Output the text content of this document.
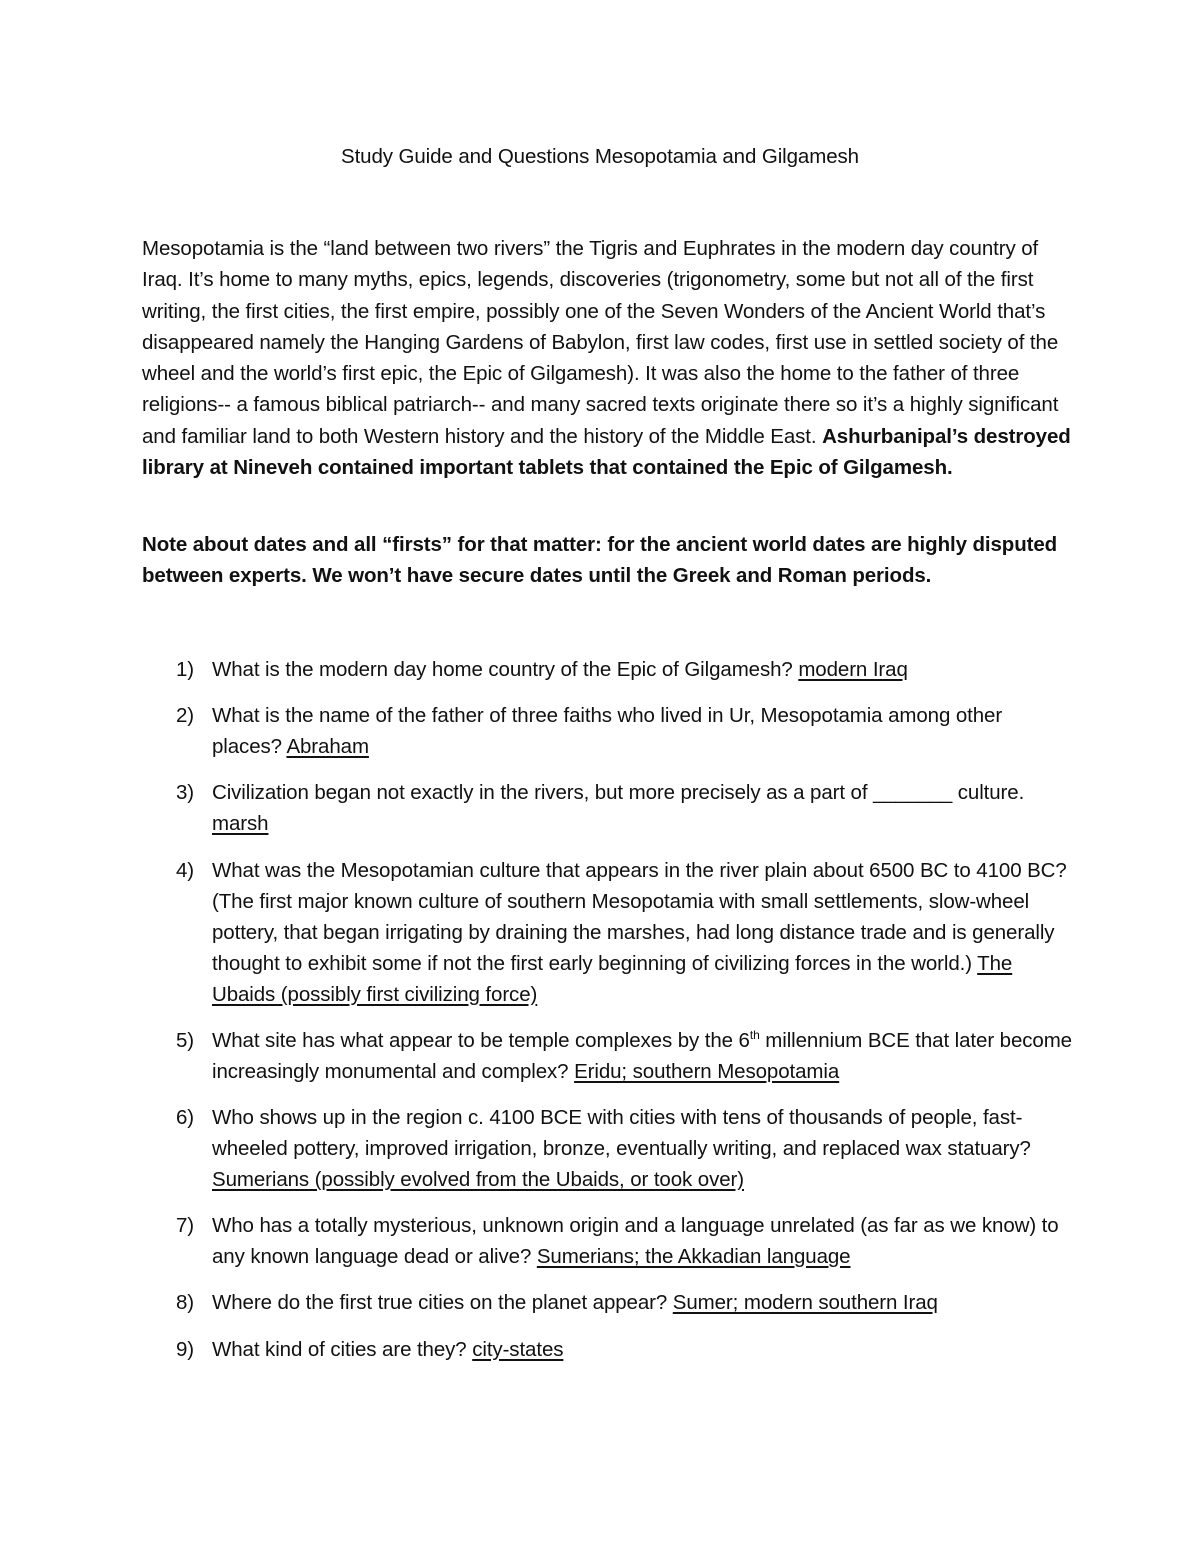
Study Guide and Questions Mesopotamia and Gilgamesh

Mesopotamia is the “land between two rivers” the Tigris and Euphrates in the modern day country of Iraq. It’s home to many myths, epics, legends, discoveries (trigonometry, some but not all of the first writing, the first cities, the first empire, possibly one of the Seven Wonders of the Ancient World that’s disappeared namely the Hanging Gardens of Babylon, first law codes, first use in settled society of the wheel and the world’s first epic, the Epic of Gilgamesh). It was also the home to the father of three religions-- a famous biblical patriarch-- and many sacred texts originate there so it’s a highly significant and familiar land to both Western history and the history of the Middle East. Ashurbanipal’s destroyed library at Nineveh contained important tablets that contained the Epic of Gilgamesh.

Note about dates and all “firsts” for that matter: for the ancient world dates are highly disputed between experts. We won’t have secure dates until the Greek and Roman periods.

1) What is the modern day home country of the Epic of Gilgamesh? modern Iraq
2) What is the name of the father of three faiths who lived in Ur, Mesopotamia among other places? Abraham
3) Civilization began not exactly in the rivers, but more precisely as a part of _______ culture. marsh
4) What was the Mesopotamian culture that appears in the river plain about 6500 BC to 4100 BC? (The first major known culture of southern Mesopotamia with small settlements, slow-wheel pottery, that began irrigating by draining the marshes, had long distance trade and is generally thought to exhibit some if not the first early beginning of civilizing forces in the world.) The Ubaids (possibly first civilizing force)
5) What site has what appear to be temple complexes by the 6th millennium BCE that later become increasingly monumental and complex? Eridu; southern Mesopotamia
6) Who shows up in the region c. 4100 BCE with cities with tens of thousands of people, fast-wheeled pottery, improved irrigation, bronze, eventually writing, and replaced wax statuary? Sumerians (possibly evolved from the Ubaids, or took over)
7) Who has a totally mysterious, unknown origin and a language unrelated (as far as we know) to any known language dead or alive? Sumerians; the Akkadian language
8) Where do the first true cities on the planet appear? Sumer; modern southern Iraq
9) What kind of cities are they? city-states
